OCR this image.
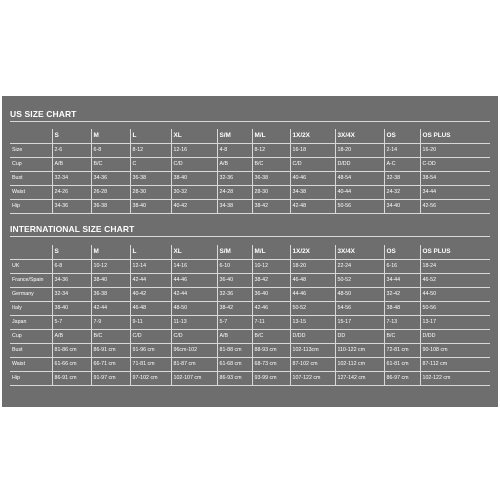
US SIZE CHART
	S	M	L	XL	S/M	M/L	1X/2X	3X/4X	OS	OS PLUS
Size	2-6	6-8	8-12	12-16	4-8	8-12	16-18	18-20	2-14	16-20
Cup	A/B	B/C	C	C/D	A/B	B/C	C/D	D/DD	A-C	C-DD
Bust	32-34	34-36	36-38	38-40	32-36	36-38	40-46	48-54	32-38	38-54
Waist	24-26	26-28	28-30	30-32	24-28	28-30	34-38	40-44	24-32	34-44
Hip	34-36	36-38	38-40	40-42	34-38	38-42	42-48	50-56	34-40	42-56
INTERNATIONAL SIZE CHART
	S	M	L	XL	S/M	M/L	1X/2X	3X/4X	OS	OS PLUS
UK	6-8	10-12	12-14	14-16	6-10	10-12	18-20	22-24	6-16	18-24
France/Spain	34-36	38-40	42-44	44-46	36-40	38-42	46-48	50-52	34-44	46-52
Germany	32-34	36-38	40-42	42-44	32-36	36-40	44-46	48-50	32-42	44-50
Italy	38-40	42-44	46-48	48-50	38-42	42-46	50-52	54-56	38-48	50-56
Japan	5-7	7-9	9-11	11-13	5-7	7-11	13-15	15-17	7-13	13-17
Cup	A/B	B/C	C/D	C/D	A/B	B/C	D/DD	DD	B/C	D/DD
Bust	81-86 cm	86-91 cm	91-96 cm	96cm-102	81-88 cm	88-93 cm	102-113cm	110-122 cm	72-81 cm	90-108 cm
Waist	61-66 cm	66-71 cm	71-81 cm	81-87 cm	61-68 cm	68-73 cm	87-102 cm	102-112 cm	61-81 cm	87-112 cm
Hip	86-91 cm	91-97 cm	97-102 cm	102-107 cm	86-93 cm	93-99 cm	107-122 cm	127-142 cm	86-97 cm	102-122 cm
